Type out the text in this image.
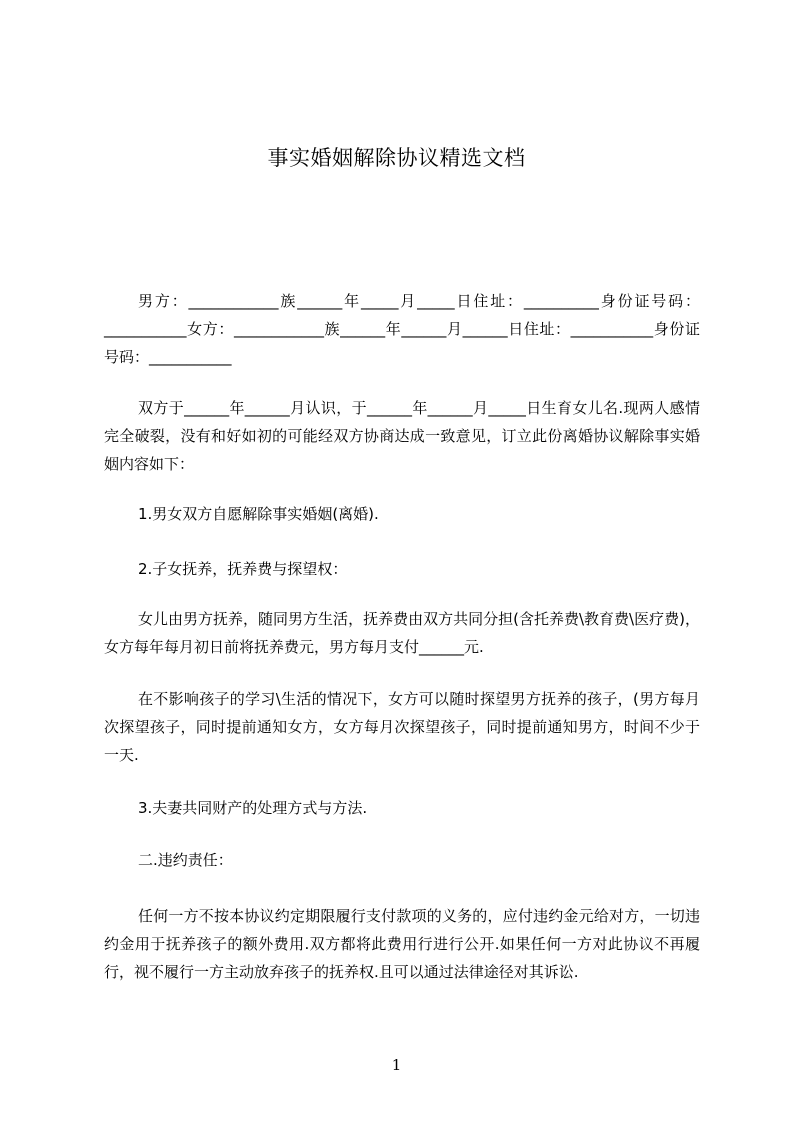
事实婚姻解除协议精选文档

男方：____________族______年_____月_____日住址：__________身份证号码：___________女方：____________族______年______月______日住址：___________身份证号码：___________

双方于______年______月认识，于______年______月_____日生育女儿名.现两人感情完全破裂，没有和好如初的可能经双方协商达成一致意见，订立此份离婚协议解除事实婚姻内容如下：

1.男女双方自愿解除事实婚姻(离婚).

2.子女抚养，抚养费与探望权：

女儿由男方抚养，随同男方生活，抚养费由双方共同分担(含托养费\教育费\医疗费)，女方每年每月初日前将抚养费元，男方每月支付______元.

在不影响孩子的学习\生活的情况下，女方可以随时探望男方抚养的孩子，(男方每月次探望孩子，同时提前通知女方，女方每月次探望孩子，同时提前通知男方，时间不少于一天.

3.夫妻共同财产的处理方式与方法.

二.违约责任：

任何一方不按本协议约定期限履行支付款项的义务的，应付违约金元给对方，一切违约金用于抚养孩子的额外费用.双方都将此费用行进行公开.如果任何一方对此协议不再履行，视不履行一方主动放弃孩子的抚养权.且可以通过法律途径对其诉讼.

1
